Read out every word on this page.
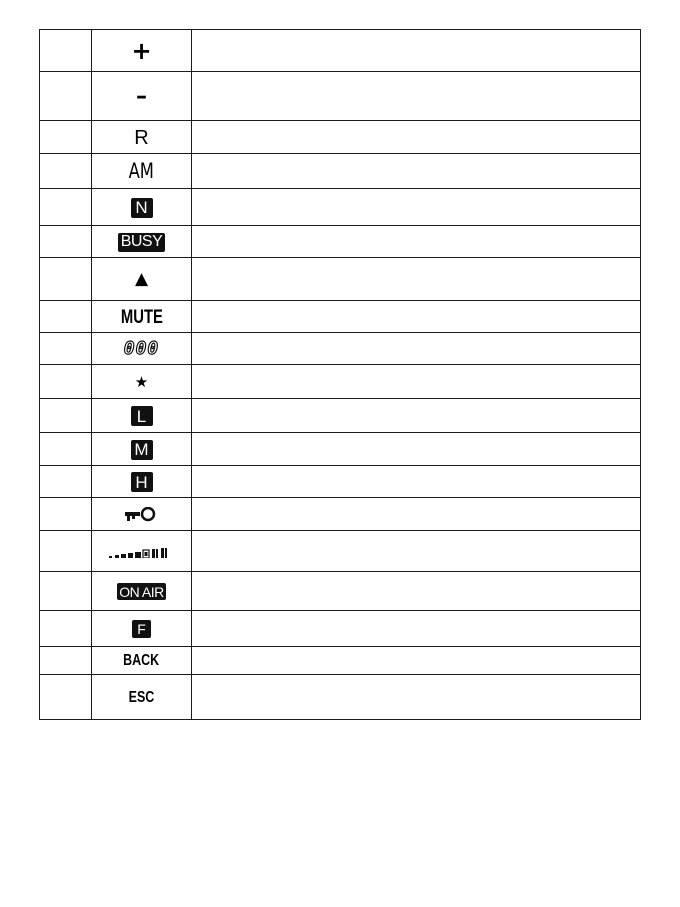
+
–
R
AM
N
BUSY
▲
MUTE
000
★
L
M
H
ON AIR
F
BACK
ESC
